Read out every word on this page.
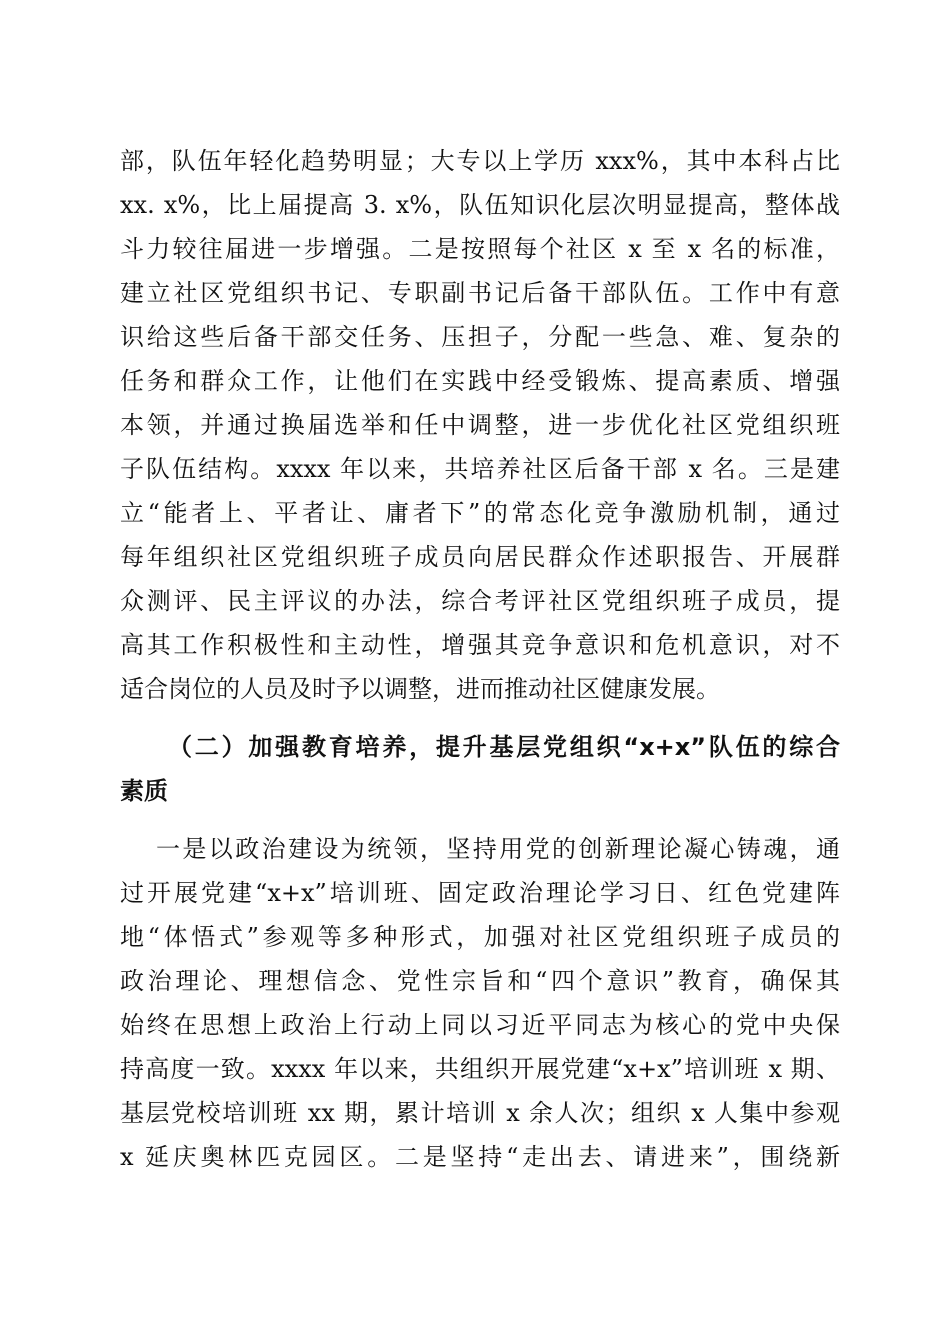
部，队伍年轻化趋势明显；大专以上学历 xxx%，其中本科占比
xx. x%，比上届提高 3. x%，队伍知识化层次明显提高，整体战
斗力较往届进一步增强。二是按照每个社区 x 至 x 名的标准，
建立社区党组织书记、专职副书记后备干部队伍。工作中有意
识给这些后备干部交任务、压担子，分配一些急、难、复杂的
任务和群众工作，让他们在实践中经受锻炼、提高素质、增强
本领，并通过换届选举和任中调整，进一步优化社区党组织班
子队伍结构。xxxx 年以来，共培养社区后备干部 x 名。三是建
立“能者上、平者让、庸者下”的常态化竞争激励机制，通过
每年组织社区党组织班子成员向居民群众作述职报告、开展群
众测评、民主评议的办法，综合考评社区党组织班子成员，提
高其工作积极性和主动性，增强其竞争意识和危机意识，对不
适合岗位的人员及时予以调整，进而推动社区健康发展。
（二）加强教育培养，提升基层党组织“x+x”队伍的综合
素质
一是以政治建设为统领，坚持用党的创新理论凝心铸魂，通
过开展党建“x+x”培训班、固定政治理论学习日、红色党建阵
地“体悟式”参观等多种形式，加强对社区党组织班子成员的
政治理论、理想信念、党性宗旨和“四个意识”教育，确保其
始终在思想上政治上行动上同以习近平同志为核心的党中央保
持高度一致。xxxx 年以来，共组织开展党建“x+x”培训班 x 期、
基层党校培训班 xx 期，累计培训 x 余人次；组织 x 人集中参观
x 延庆奥林匹克园区。二是坚持“走出去、请进来”，围绕新
